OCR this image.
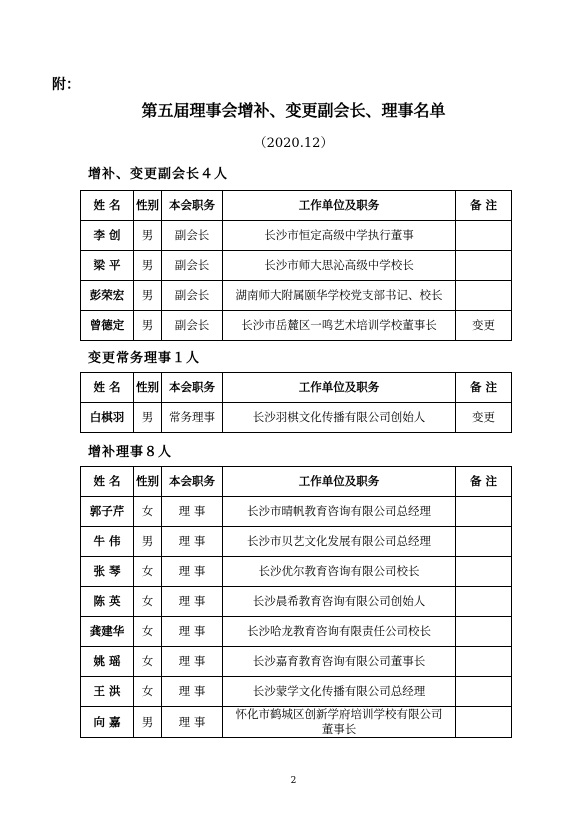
附：
第五届理事会增补、变更副会长、理事名单
（2020.12）
增补、变更副会长４人
姓 名	性别	本会职务	工作单位及职务	备 注
李 创	男	副会长	长沙市恒定高级中学执行董事	
梁 平	男	副会长	长沙市师大思沁高级中学校长	
彭荣宏	男	副会长	湖南师大附属颐华学校党支部书记、校长	
曾德定	男	副会长	长沙市岳麓区一鸣艺术培训学校董事长	变更
变更常务理事１人
姓 名	性别	本会职务	工作单位及职务	备 注
白棋羽	男	常务理事	长沙羽棋文化传播有限公司创始人	变更
增补理事８人
姓 名	性别	本会职务	工作单位及职务	备 注
郭子芹	女	理 事	长沙市晴帆教育咨询有限公司总经理	
牛 伟	男	理 事	长沙市贝艺文化发展有限公司总经理	
张 琴	女	理 事	长沙优尔教育咨询有限公司校长	
陈 英	女	理 事	长沙晨希教育咨询有限公司创始人	
龚建华	女	理 事	长沙哈龙教育咨询有限责任公司校长	
姚 瑶	女	理 事	长沙嘉育教育咨询有限公司董事长	
王 洪	女	理 事	长沙蒙学文化传播有限公司总经理	
向 嘉	男	理 事	怀化市鹤城区创新学府培训学校有限公司董事长	
2
